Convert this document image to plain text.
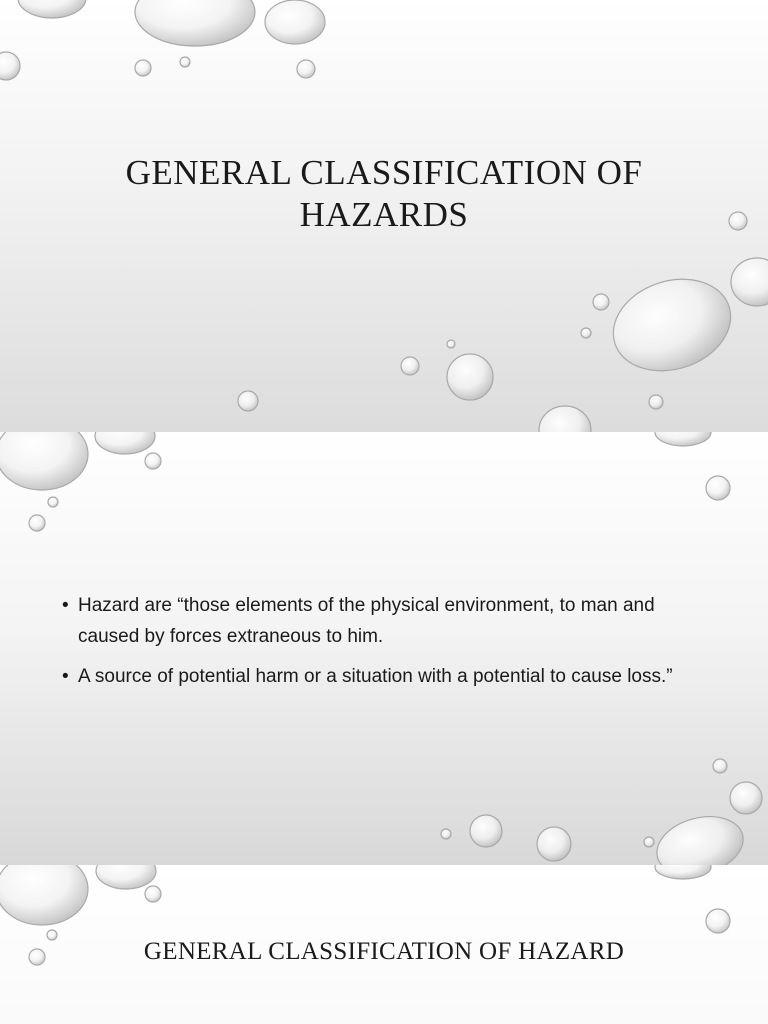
GENERAL CLASSIFICATION OF HAZARDS
• Hazard are “those elements of the physical environment, to man and caused by forces extraneous to him.
• A source of potential harm or a situation with a potential to cause loss.”
GENERAL CLASSIFICATION OF HAZARD
